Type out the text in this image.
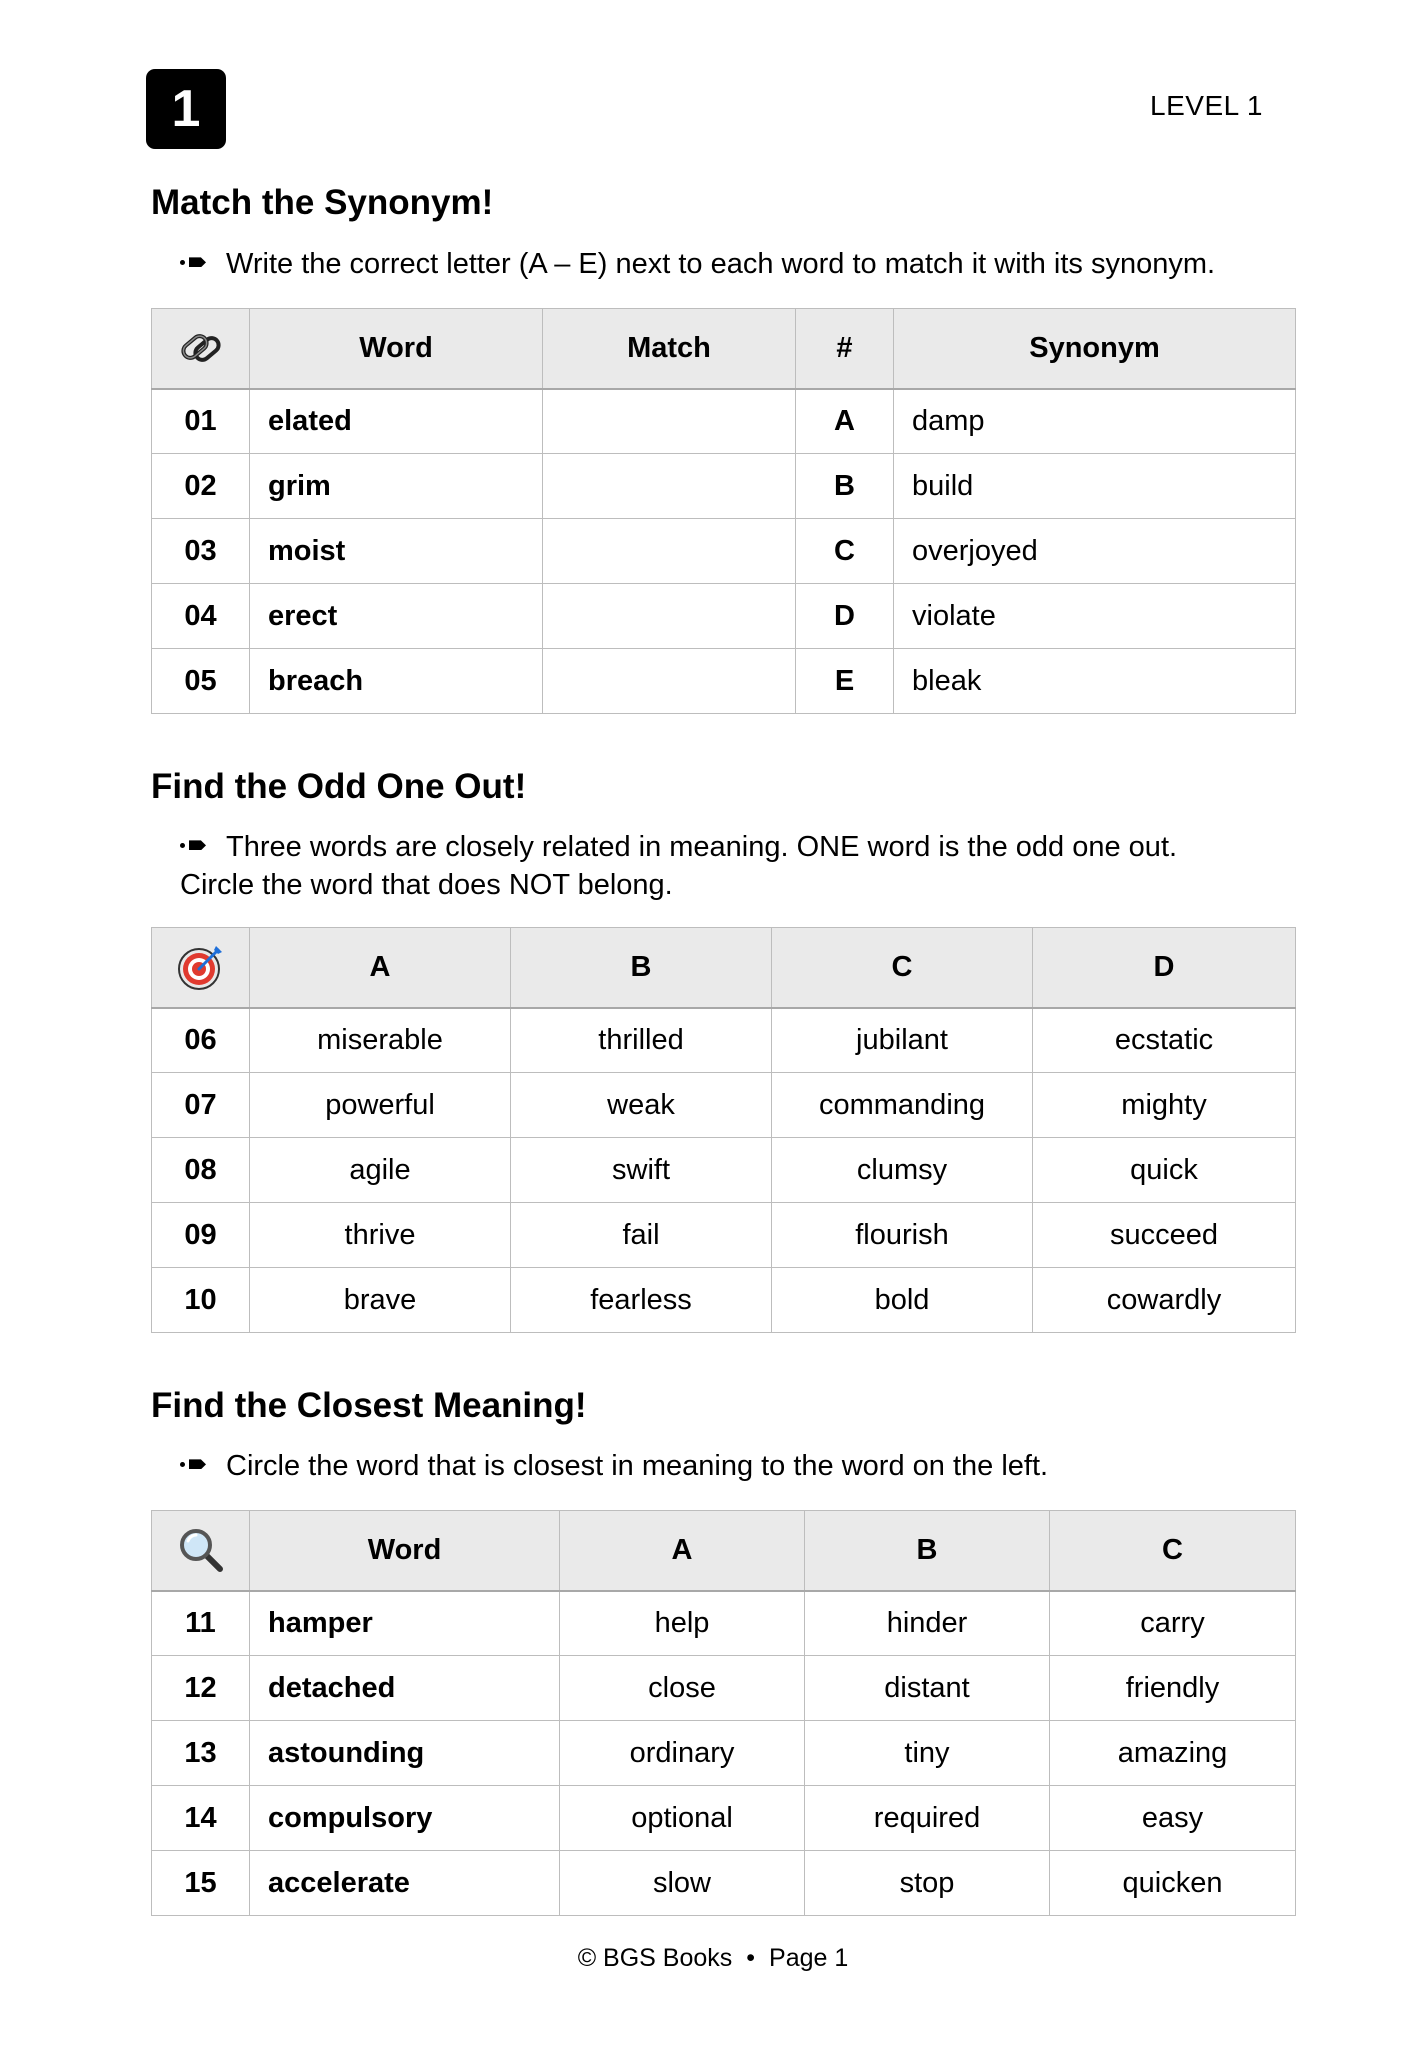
1	LEVEL 1
Match the Synonym!
Write the correct letter (A – E) next to each word to match it with its synonym.
	Word	Match	#	Synonym
01	elated		A	damp
02	grim		B	build
03	moist		C	overjoyed
04	erect		D	violate
05	breach		E	bleak
Find the Odd One Out!
Three words are closely related in meaning. ONE word is the odd one out.
Circle the word that does NOT belong.
	A	B	C	D
06	miserable	thrilled	jubilant	ecstatic
07	powerful	weak	commanding	mighty
08	agile	swift	clumsy	quick
09	thrive	fail	flourish	succeed
10	brave	fearless	bold	cowardly
Find the Closest Meaning!
Circle the word that is closest in meaning to the word on the left.
	Word	A	B	C
11	hamper	help	hinder	carry
12	detached	close	distant	friendly
13	astounding	ordinary	tiny	amazing
14	compulsory	optional	required	easy
15	accelerate	slow	stop	quicken
© BGS Books • Page 1
